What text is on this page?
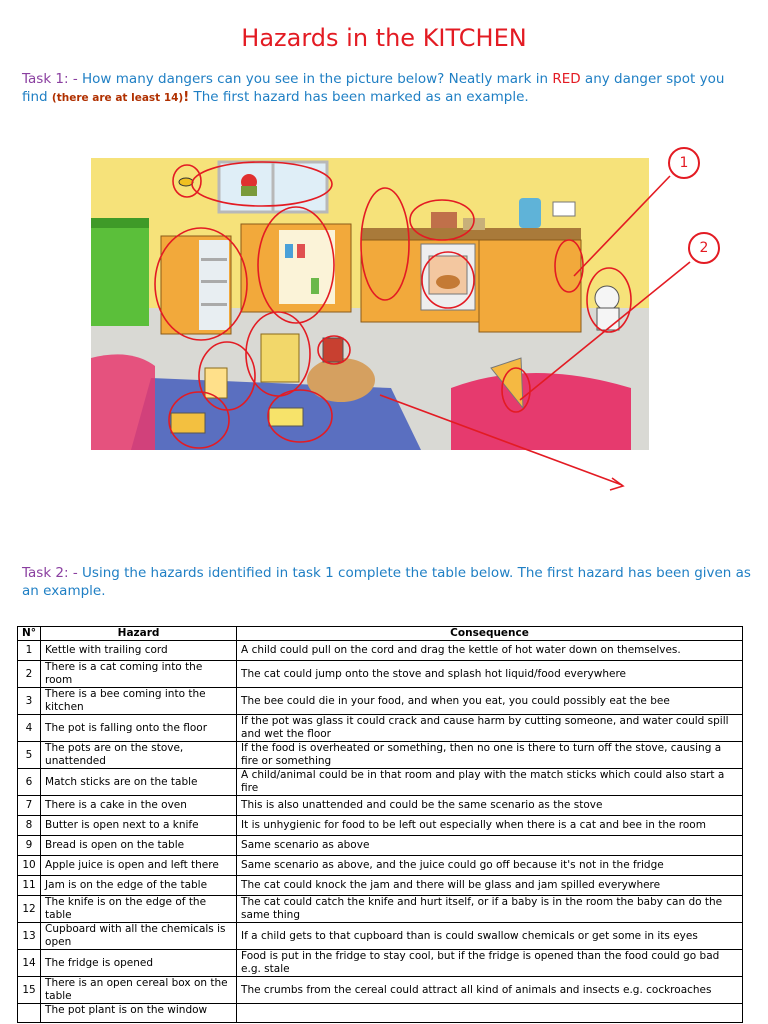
Hazards in the KITCHEN
Task 1: - How many dangers can you see in the picture below? Neatly mark in RED any danger spot you find (there are at least 14)! The first hazard has been marked as an example.
1
2
Task 2: - Using the hazards identified in task 1 complete the table below. The first hazard has been given as an example.
N°	Hazard	Consequence
1	Kettle with trailing cord	A child could pull on the cord and drag the kettle of hot water down on themselves.
2	There is a cat coming into the room	The cat could jump onto the stove and splash hot liquid/food everywhere
3	There is a bee coming into the kitchen	The bee could die in your food, and when you eat, you could possibly eat the bee
4	The pot is falling onto the floor	If the pot was glass it could crack and cause harm by cutting someone, and water could spill and wet the floor
5	The pots are on the stove, unattended	If the food is overheated or something, then no one is there to turn off the stove, causing a fire or something
6	Match sticks are on the table	A child/animal could be in that room and play with the match sticks which could also start a fire
7	There is a cake in the oven	This is also unattended and could be the same scenario as the stove
8	Butter is open next to a knife	It is unhygienic for food to be left out especially when there is a cat and bee in the room
9	Bread is open on the table	Same scenario as above
10	Apple juice is open and left there	Same scenario as above, and the juice could go off because it's not in the fridge
11	Jam is on the edge of the table	The cat could knock the jam and there will be glass and jam spilled everywhere
12	The knife is on the edge of the table	The cat could catch the knife and hurt itself, or if a baby is in the room the baby can do the same thing
13	Cupboard with all the chemicals is open	If a child gets to that cupboard than is could swallow chemicals or get some in its eyes
14	The fridge is opened	Food is put in the fridge to stay cool, but if the fridge is opened than the food could go bad e.g. stale
15	There is an open cereal box on the table	The crumbs from the cereal could attract all kind of animals and insects e.g. cockroaches
	The pot plant is on the window	
